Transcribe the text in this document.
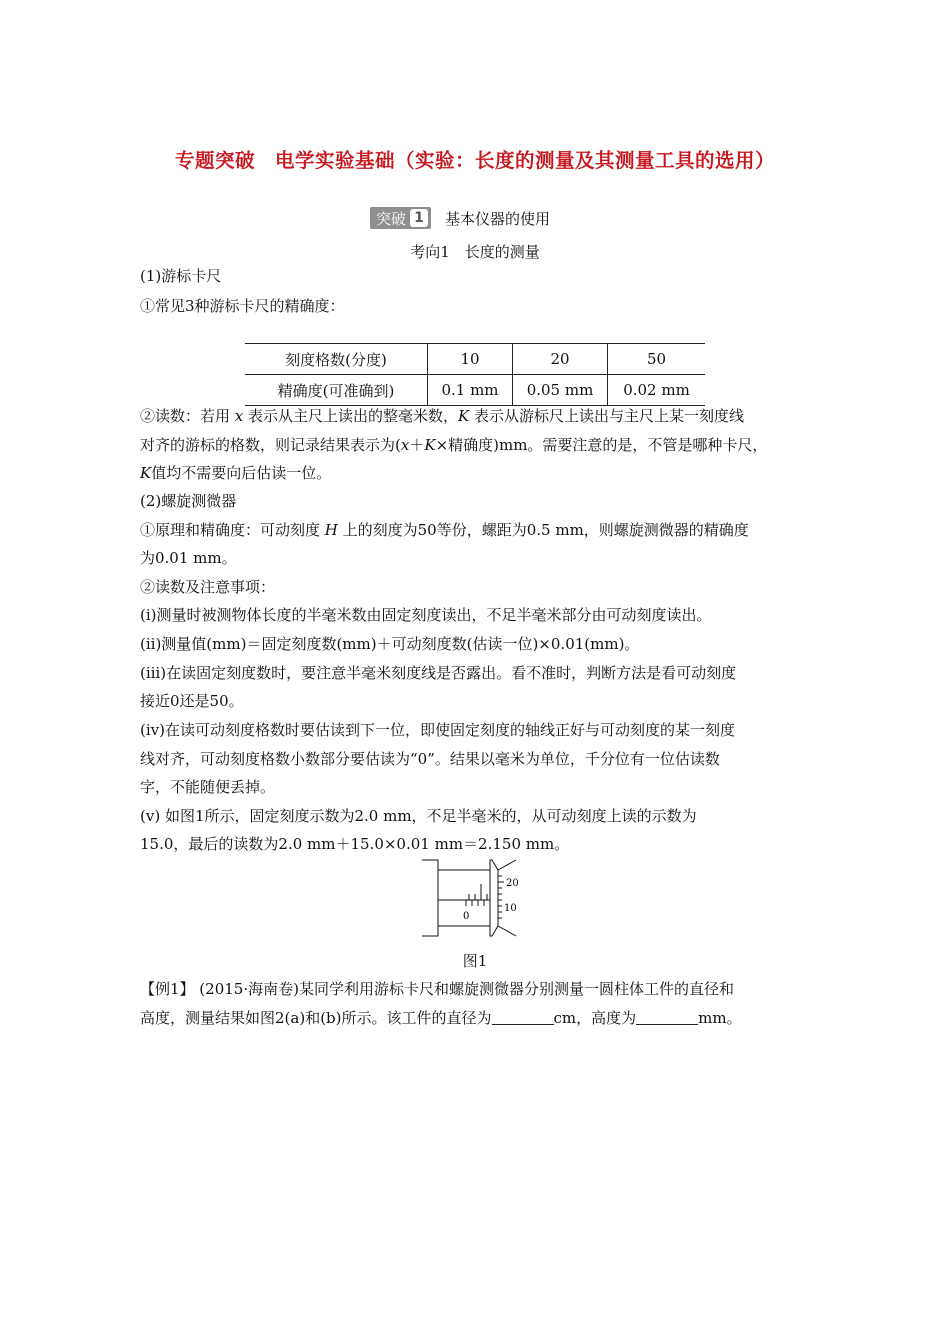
专题突破　电学实验基础（实验：长度的测量及其测量工具的选用）
突破 1 基本仪器的使用
考向1　长度的测量
(1)游标卡尺
①常见3种游标卡尺的精确度：
刻度格数(分度)	10	20	50
精确度(可准确到)	0.1 mm	0.05 mm	0.02 mm
②读数：若用 x 表示从主尺上读出的整毫米数，K 表示从游标尺上读出与主尺上某一刻度线
对齐的游标的格数，则记录结果表示为(x＋K×精确度)mm。需要注意的是，不管是哪种卡尺，
K值均不需要向后估读一位。
(2)螺旋测微器
①原理和精确度：可动刻度 H 上的刻度为50等份，螺距为0.5 mm，则螺旋测微器的精确度
为0.01 mm。
②读数及注意事项：
(ⅰ)测量时被测物体长度的半毫米数由固定刻度读出，不足半毫米部分由可动刻度读出。
(ⅱ)测量值(mm)＝固定刻度数(mm)＋可动刻度数(估读一位)×0.01(mm)。
(ⅲ)在读固定刻度数时，要注意半毫米刻度线是否露出。看不准时，判断方法是看可动刻度
接近0还是50。
(ⅳ)在读可动刻度格数时要估读到下一位，即使固定刻度的轴线正好与可动刻度的某一刻度
线对齐，可动刻度格数小数部分要估读为“0”。结果以毫米为单位，千分位有一位估读数
字，不能随便丢掉。
(ⅴ) 如图1所示，固定刻度示数为2.0 mm，不足半毫米的，从可动刻度上读的示数为
15.0，最后的读数为2.0 mm＋15.0×0.01 mm＝2.150 mm。
20
10
0
图1
【例1】 (2015·海南卷)某同学利用游标卡尺和螺旋测微器分别测量一圆柱体工件的直径和
高度，测量结果如图2(a)和(b)所示。该工件的直径为	cm，高度为	mm。
